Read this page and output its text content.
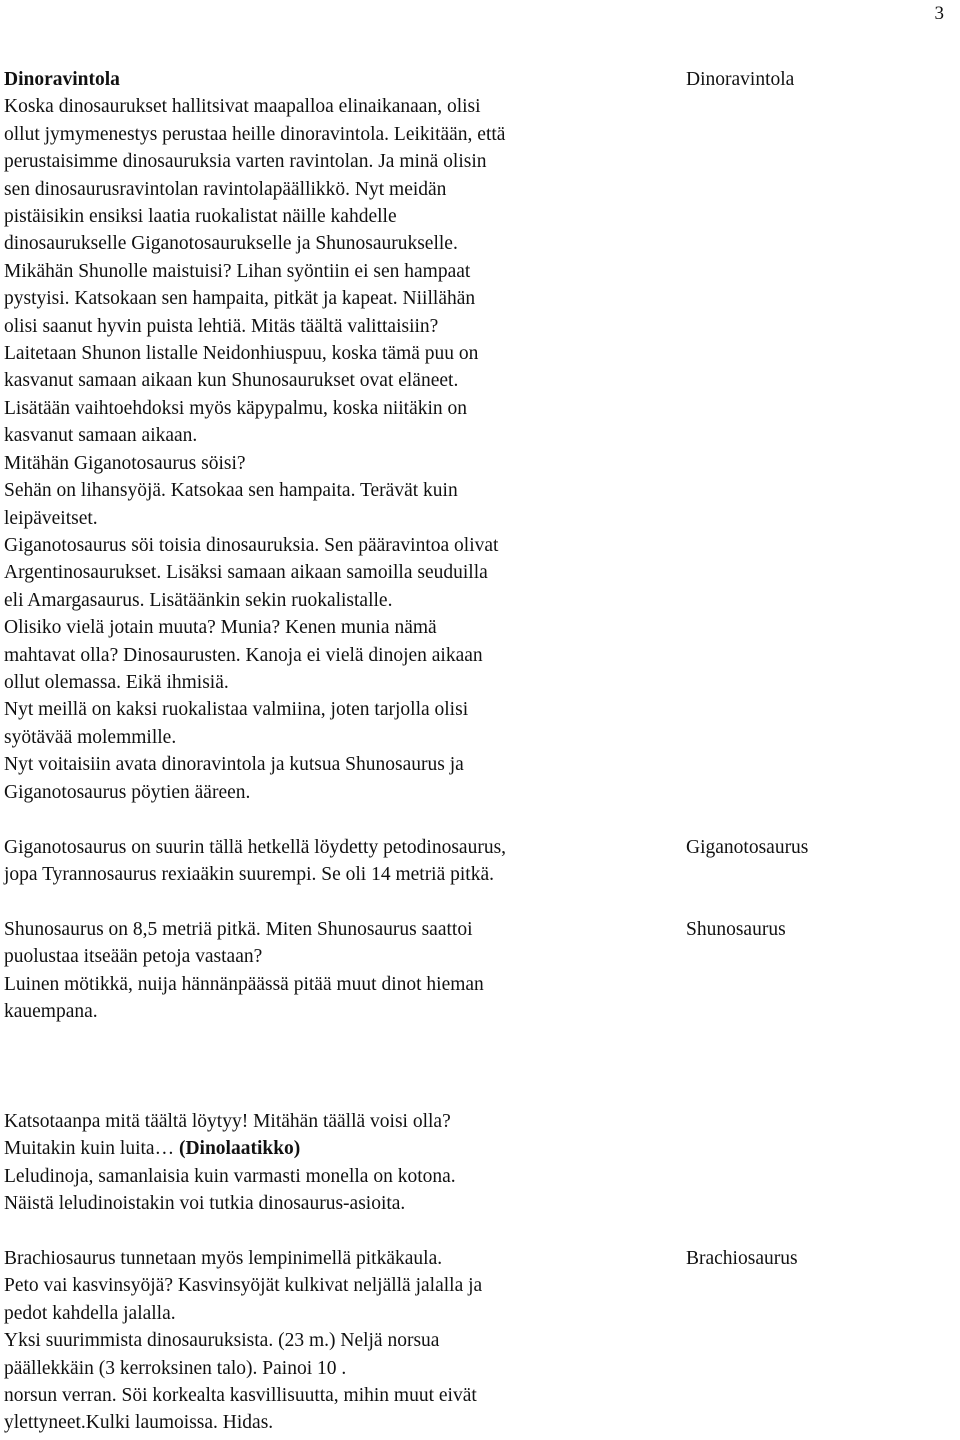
3
Dinoravintola
Koska dinosaurukset hallitsivat maapalloa elinaikanaan, olisi
ollut jymymenestys perustaa heille dinoravintola. Leikitään, että
perustaisimme dinosauruksia varten ravintolan. Ja minä olisin
sen dinosaurusravintolan ravintolapäällikkö. Nyt meidän
pistäisikin ensiksi laatia ruokalistat näille kahdelle
dinosaurukselle Giganotosaurukselle ja Shunosaurukselle.
Mikähän Shunolle maistuisi? Lihan syöntiin ei sen hampaat
pystyisi. Katsokaan sen hampaita, pitkät ja kapeat. Niillähän
olisi saanut hyvin puista lehtiä. Mitäs täältä valittaisiin?
Laitetaan Shunon listalle Neidonhiuspuu, koska tämä puu on
kasvanut samaan aikaan kun Shunosaurukset ovat eläneet.
Lisätään vaihtoehdoksi myös käpypalmu, koska niitäkin on
kasvanut samaan aikaan.
Mitähän Giganotosaurus söisi?
Sehän on lihansyöjä. Katsokaa sen hampaita. Terävät kuin
leipäveitset.
Giganotosaurus söi toisia dinosauruksia. Sen pääravintoa olivat
Argentinosaurukset. Lisäksi samaan aikaan samoilla seuduilla
eli Amargasaurus. Lisätäänkin sekin ruokalistalle.
Olisiko vielä jotain muuta? Munia? Kenen munia nämä
mahtavat olla? Dinosaurusten. Kanoja ei vielä dinojen aikaan
ollut olemassa. Eikä ihmisiä.
Nyt meillä on kaksi ruokalistaa valmiina, joten tarjolla olisi
syötävää molemmille.
Nyt voitaisiin avata dinoravintola ja kutsua Shunosaurus ja
Giganotosaurus pöytien ääreen.
Giganotosaurus on suurin tällä hetkellä löydetty petodinosaurus,
jopa Tyrannosaurus rexiaäkin suurempi. Se oli 14 metriä pitkä.
Shunosaurus on 8,5 metriä pitkä. Miten Shunosaurus saattoi
puolustaa itseään petoja vastaan?
Luinen mötikkä, nuija hännänpäässä pitää muut dinot hieman
kauempana.
Katsotaanpa mitä täältä löytyy! Mitähän täällä voisi olla?
Muitakin kuin luita… (Dinolaatikko)
Leludinoja, samanlaisia kuin varmasti monella on kotona.
Näistä leludinoistakin voi tutkia dinosaurus-asioita.
Brachiosaurus tunnetaan myös lempinimellä pitkäkaula.
Peto vai kasvinsyöjä? Kasvinsyöjät kulkivat neljällä jalalla ja
pedot kahdella jalalla.
Yksi suurimmista dinosauruksista. (23 m.) Neljä norsua
päällekkäin (3 kerroksinen talo). Painoi 10 .
norsun verran. Söi korkealta kasvillisuutta, mihin muut eivät
ylettyneet.Kulki laumoissa. Hidas.
Dinoravintola
Giganotosaurus
Shunosaurus
Brachiosaurus
